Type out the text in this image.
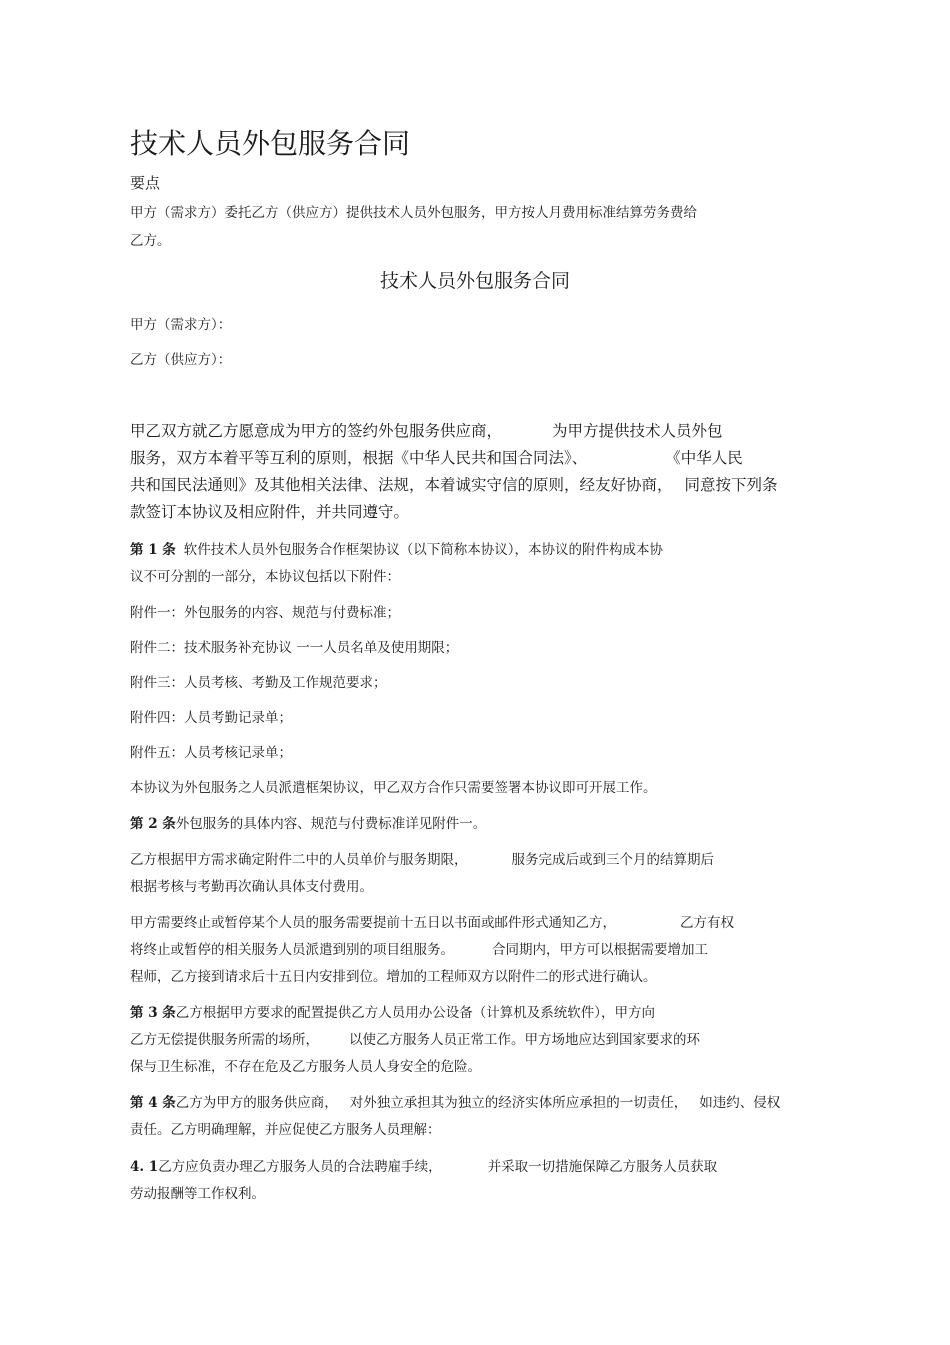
技术人员外包服务合同
要点
甲方（需求方）委托乙方（供应方）提供技术人员外包服务，甲方按人月费用标准结算劳务费给
乙方。
技术人员外包服务合同
甲方（需求方）：
乙方（供应方）：
甲乙双方就乙方愿意成为甲方的签约外包服务供应商，	为甲方提供技术人员外包
服务，双方本着平等互利的原则，根据《中华人民共和国合同法》、	《中华人民
共和国民法通则》及其他相关法律、法规，本着诚实守信的原则，经友好协商， 同意按下列条
款签订本协议及相应附件，并共同遵守。
第 1 条 软件技术人员外包服务合作框架协议（以下简称本协议），本协议的附件构成本协
议不可分割的一部分，本协议包括以下附件：
附件一：外包服务的内容、规范与付费标准；
附件二：技术服务补充协议 一一人员名单及使用期限；
附件三：人员考核、考勤及工作规范要求；
附件四：人员考勤记录单；
附件五：人员考核记录单；
本协议为外包服务之人员派遣框架协议，甲乙双方合作只需要签署本协议即可开展工作。
第 2 条外包服务的具体内容、规范与付费标准详见附件一。
乙方根据甲方需求确定附件二中的人员单价与服务期限，	服务完成后或到三个月的结算期后
根据考核与考勤再次确认具体支付费用。
甲方需要终止或暂停某个人员的服务需要提前十五日以书面或邮件形式通知乙方，	乙方有权
将终止或暂停的相关服务人员派遣到别的项目组服务。	合同期内，甲方可以根据需要增加工
程师，乙方接到请求后十五日内安排到位。增加的工程师双方以附件二的形式进行确认。
第 3 条乙方根据甲方要求的配置提供乙方人员用办公设备（计算机及系统软件），甲方向
乙方无偿提供服务所需的场所， 以使乙方服务人员正常工作。甲方场地应达到国家要求的环
保与卫生标准，不存在危及乙方服务人员人身安全的危险。
第 4 条乙方为甲方的服务供应商， 对外独立承担其为独立的经济实体所应承担的一切责任， 如违约、侵权
责任。乙方明确理解，并应促使乙方服务人员理解：
4. 1乙方应负责办理乙方服务人员的合法聘雇手续，	并采取一切措施保障乙方服务人员获取
劳动报酬等工作权利。
